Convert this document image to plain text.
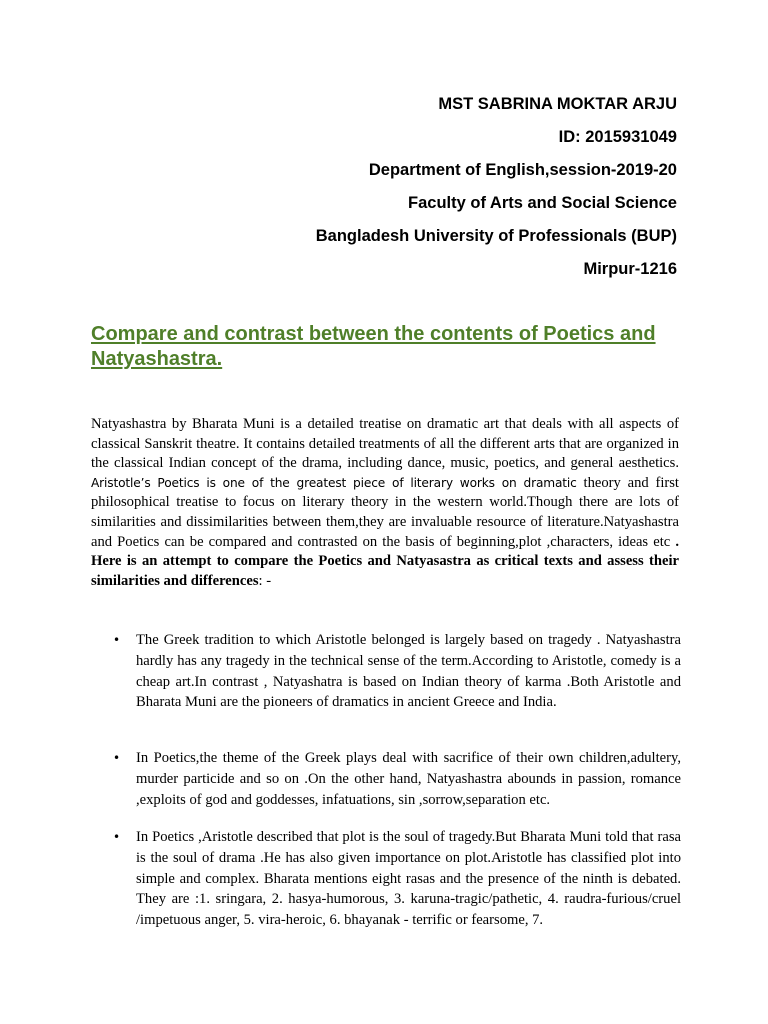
MST SABRINA MOKTAR ARJU
ID: 2015931049
Department of English,session-2019-20
Faculty of Arts and Social Science
Bangladesh University of Professionals (BUP)
Mirpur-1216
Compare and contrast between the contents of Poetics and Natyashastra.
Natyashastra by Bharata Muni is a detailed treatise on dramatic art that deals with all aspects of classical Sanskrit theatre. It contains detailed treatments of all the different arts that are organized in the classical Indian concept of the drama, including dance, music, poetics, and general aesthetics. Aristotle’s Poetics is one of the greatest piece of literary works on dramatic theory and first philosophical treatise to focus on literary theory in the western world.Though there are lots of similarities and dissimilarities between them,they are invaluable resource of literature.Natyashastra and Poetics can be compared and contrasted on the basis of beginning,plot ,characters, ideas etc . Here is an attempt to compare the Poetics and Natyasastra as critical texts and assess their similarities and differences: -
• The Greek tradition to which Aristotle belonged is largely based on tragedy . Natyashastra hardly has any tragedy in the technical sense of the term.According to Aristotle, comedy is a cheap art.In contrast , Natyashatra is based on Indian theory of karma .Both Aristotle and Bharata Muni are the pioneers of dramatics in ancient Greece and India.
• In Poetics,the theme of the Greek plays deal with sacrifice of their own children,adultery, murder particide and so on .On the other hand, Natyashastra abounds in passion, romance ,exploits of god and goddesses, infatuations, sin ,sorrow,separation etc.
• In Poetics ,Aristotle described that plot is the soul of tragedy.But Bharata Muni told that rasa is the soul of drama .He has also given importance on plot.Aristotle has classified plot into simple and complex. Bharata mentions eight rasas and the presence of the ninth is debated. They are :1. sringara, 2. hasya-humorous, 3. karuna-tragic/pathetic, 4. raudra-furious/cruel /impetuous anger, 5. vira-heroic, 6. bhayanak - terrific or fearsome, 7.
